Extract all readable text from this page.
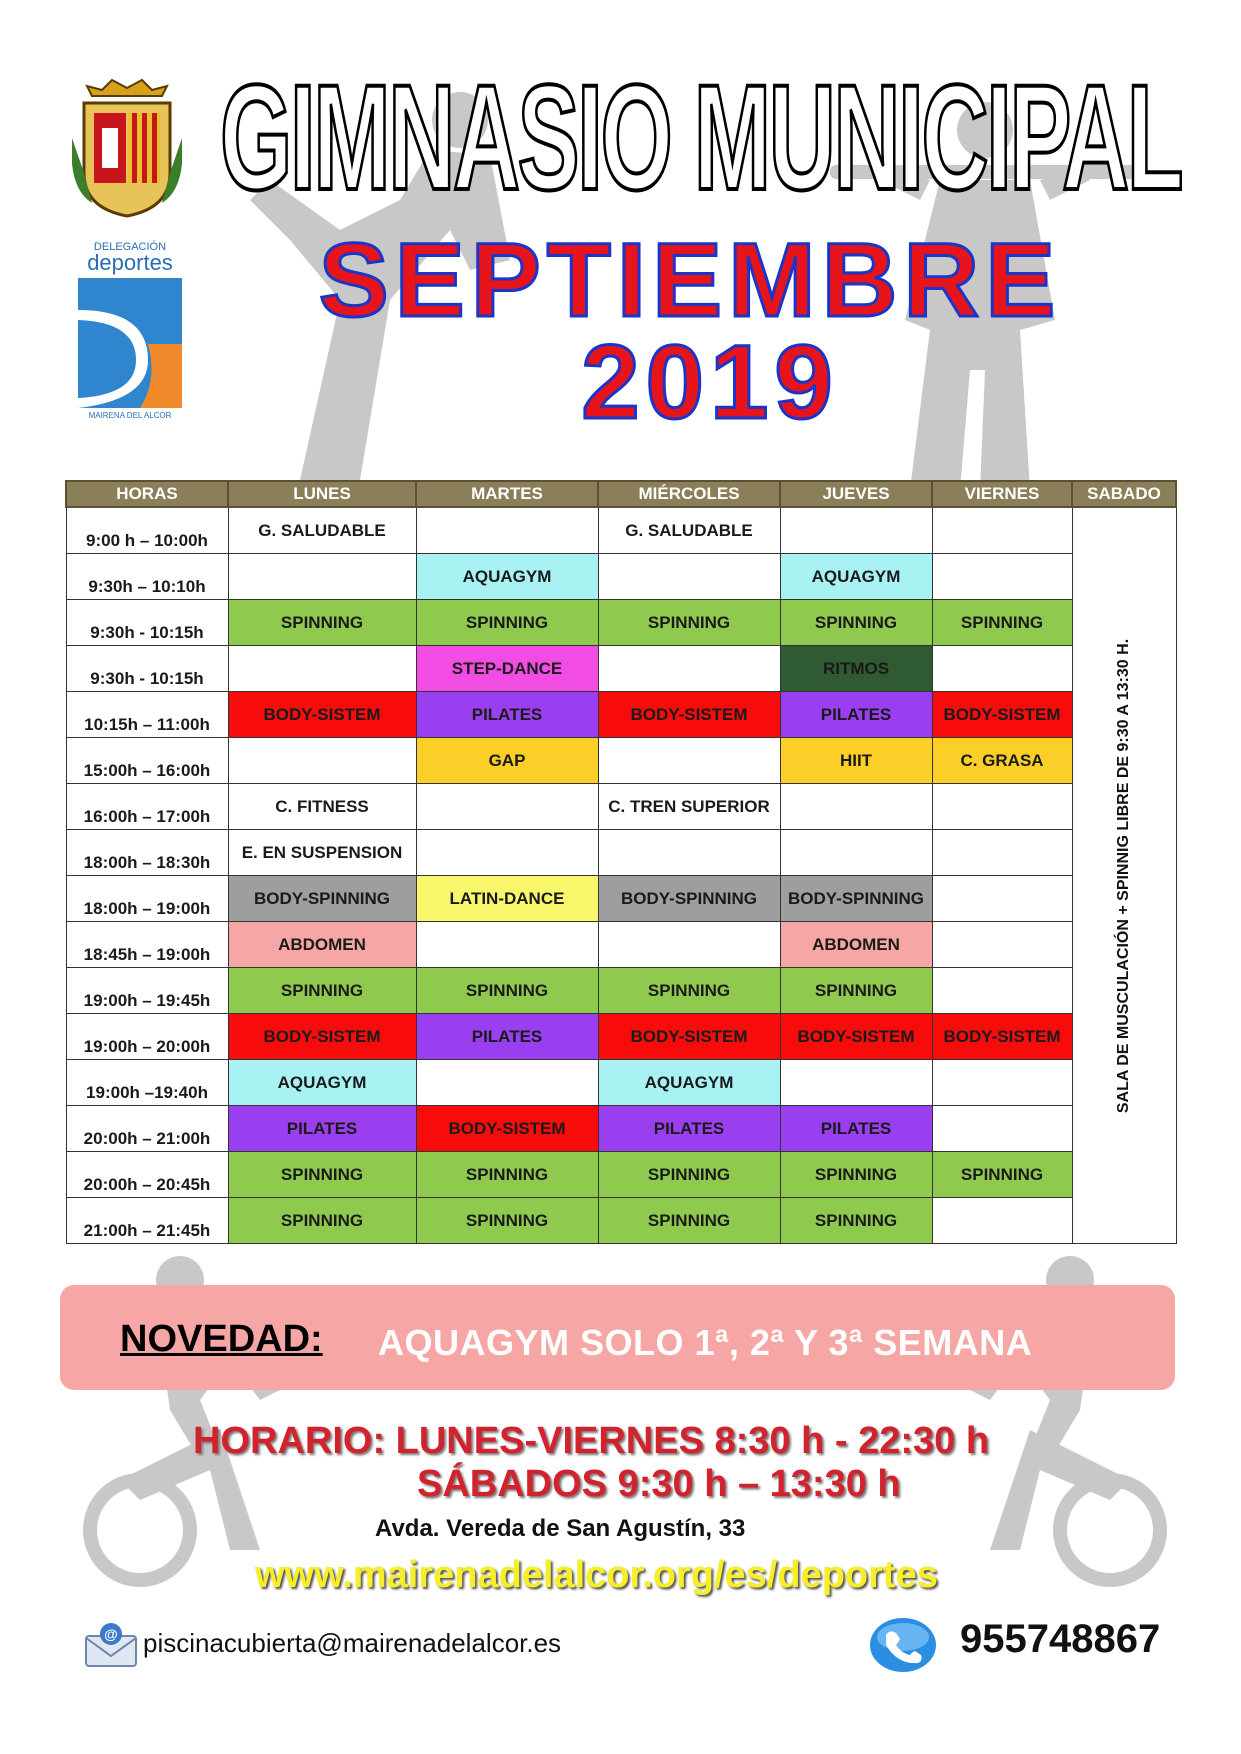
DELEGACIÓN
deportes
MAIRENA DEL ALCOR
GIMNASIO MUNICIPAL
SEPTIEMBRE
2019
HORAS	LUNES	MARTES	MIÉRCOLES	JUEVES	VIERNES	SABADO
9:00 h – 10:00h	G. SALUDABLE		G. SALUDABLE			SALA DE MUSCULACIÓN + SPINNIG LIBRE DE 9:30 A 13:30 H.

9:30h – 10:10h		AQUAGYM		AQUAGYM		
9:30h - 10:15h	SPINNING	SPINNING	SPINNING	SPINNING	SPINNING	
9:30h - 10:15h		STEP-DANCE		RITMOS		
10:15h – 11:00h	BODY-SISTEM	PILATES	BODY-SISTEM	PILATES	BODY-SISTEM	
15:00h – 16:00h		GAP		HIIT	C. GRASA	
16:00h – 17:00h	C. FITNESS		C. TREN SUPERIOR			
18:00h – 18:30h	E. EN SUSPENSION					
18:00h – 19:00h	BODY-SPINNING	LATIN-DANCE	BODY-SPINNING	BODY-SPINNING		
18:45h – 19:00h	ABDOMEN			ABDOMEN		
19:00h – 19:45h	SPINNING	SPINNING	SPINNING	SPINNING		
19:00h – 20:00h	BODY-SISTEM	PILATES	BODY-SISTEM	BODY-SISTEM	BODY-SISTEM	
19:00h –19:40h	AQUAGYM		AQUAGYM			
20:00h – 21:00h	PILATES	BODY-SISTEM	PILATES	PILATES		
20:00h – 20:45h	SPINNING	SPINNING	SPINNING	SPINNING	SPINNING	
21:00h – 21:45h	SPINNING	SPINNING	SPINNING	SPINNING		
NOVEDAD: AQUAGYM SOLO 1ª, 2ª Y 3ª SEMANA
HORARIO: LUNES-VIERNES 8:30 h - 22:30 h
SÁBADOS 9:30 h – 13:30 h
Avda. Vereda de San Agustín, 33
www.mairenadelalcor.org/es/deportes
@ piscinacubierta@mairenadelalcor.es	955748867
